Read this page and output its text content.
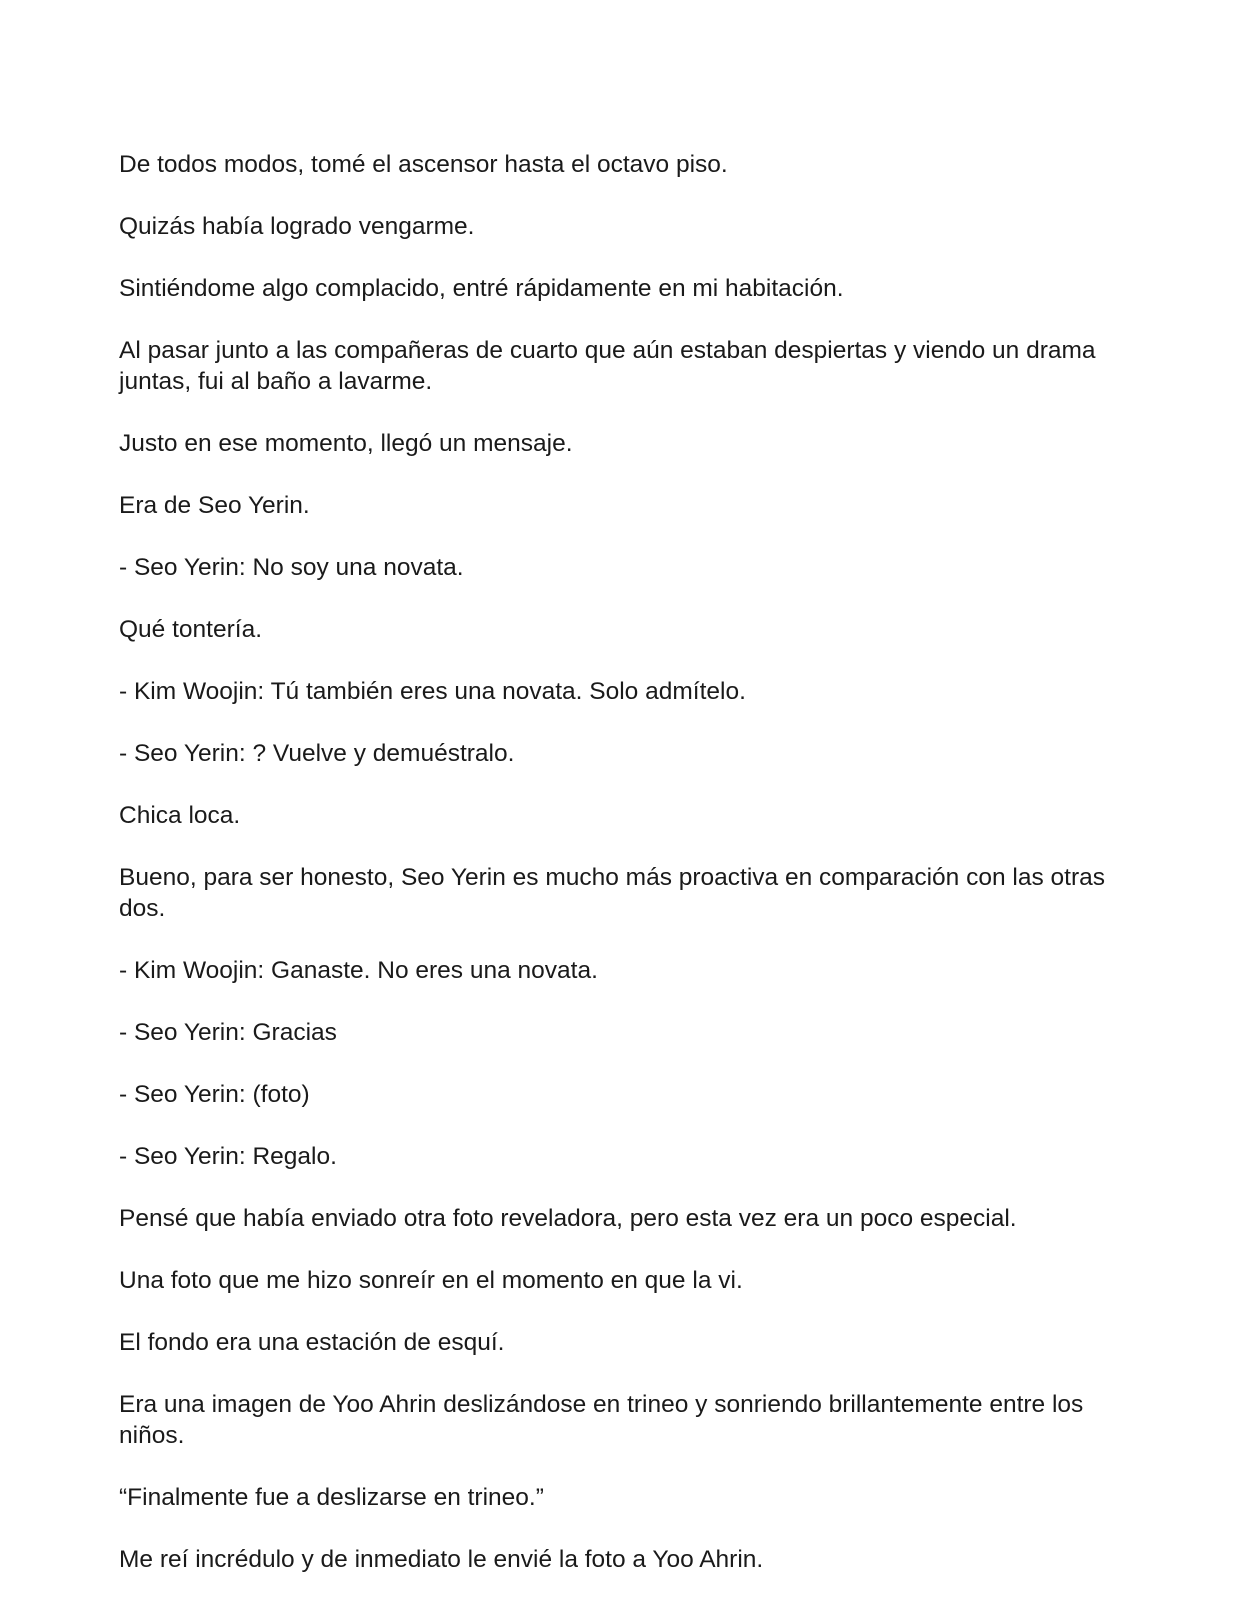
De todos modos, tomé el ascensor hasta el octavo piso.

Quizás había logrado vengarme.

Sintiéndome algo complacido, entré rápidamente en mi habitación.

Al pasar junto a las compañeras de cuarto que aún estaban despiertas y viendo un drama juntas, fui al baño a lavarme.

Justo en ese momento, llegó un mensaje.

Era de Seo Yerin.

- Seo Yerin: No soy una novata.

Qué tontería.

- Kim Woojin: Tú también eres una novata. Solo admítelo.

- Seo Yerin: ? Vuelve y demuéstralo.

Chica loca.

Bueno, para ser honesto, Seo Yerin es mucho más proactiva en comparación con las otras dos.

- Kim Woojin: Ganaste. No eres una novata.

- Seo Yerin: Gracias

- Seo Yerin: (foto)

- Seo Yerin: Regalo.

Pensé que había enviado otra foto reveladora, pero esta vez era un poco especial.

Una foto que me hizo sonreír en el momento en que la vi.

El fondo era una estación de esquí.

Era una imagen de Yoo Ahrin deslizándose en trineo y sonriendo brillantemente entre los niños.

“Finalmente fue a deslizarse en trineo.”

Me reí incrédulo y de inmediato le envié la foto a Yoo Ahrin.
